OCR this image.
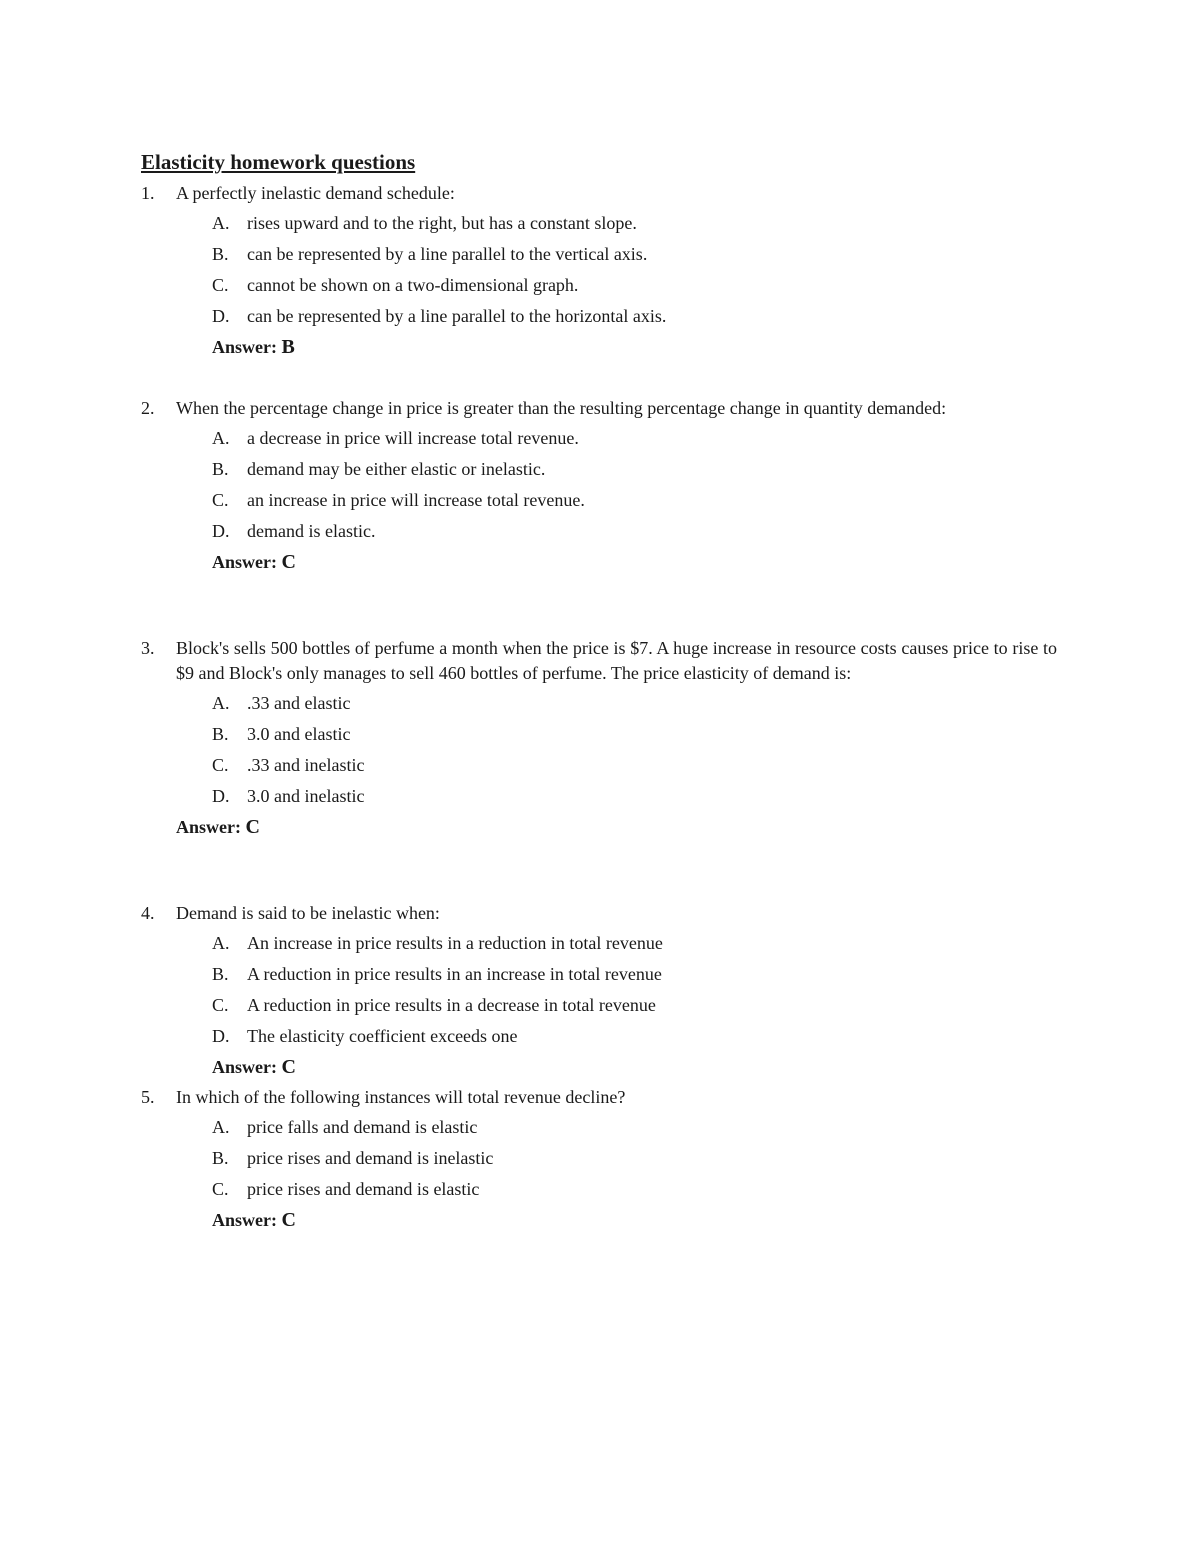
Elasticity homework questions
1.	A perfectly inelastic demand schedule:
A. rises upward and to the right, but has a constant slope.
B. can be represented by a line parallel to the vertical axis.
C. cannot be shown on a two-dimensional graph.
D. can be represented by a line parallel to the horizontal axis.
Answer: B
2.	When the percentage change in price is greater than the resulting percentage change in quantity demanded:
A. a decrease in price will increase total revenue.
B. demand may be either elastic or inelastic.
C. an increase in price will increase total revenue.
D. demand is elastic.
Answer: C
3.	Block's sells 500 bottles of perfume a month when the price is $7. A huge increase in resource costs causes price to rise to $9 and Block's only manages to sell 460 bottles of perfume. The price elasticity of demand is:
A. .33 and elastic
B. 3.0 and elastic
C. .33 and inelastic
D. 3.0 and inelastic
Answer: C
4.	Demand is said to be inelastic when:
A. An increase in price results in a reduction in total revenue
B. A reduction in price results in an increase in total revenue
C. A reduction in price results in a decrease in total revenue
D. The elasticity coefficient exceeds one
Answer: C
5.	In which of the following instances will total revenue decline?
A. price falls and demand is elastic
B. price rises and demand is inelastic
C. price rises and demand is elastic
Answer: C
